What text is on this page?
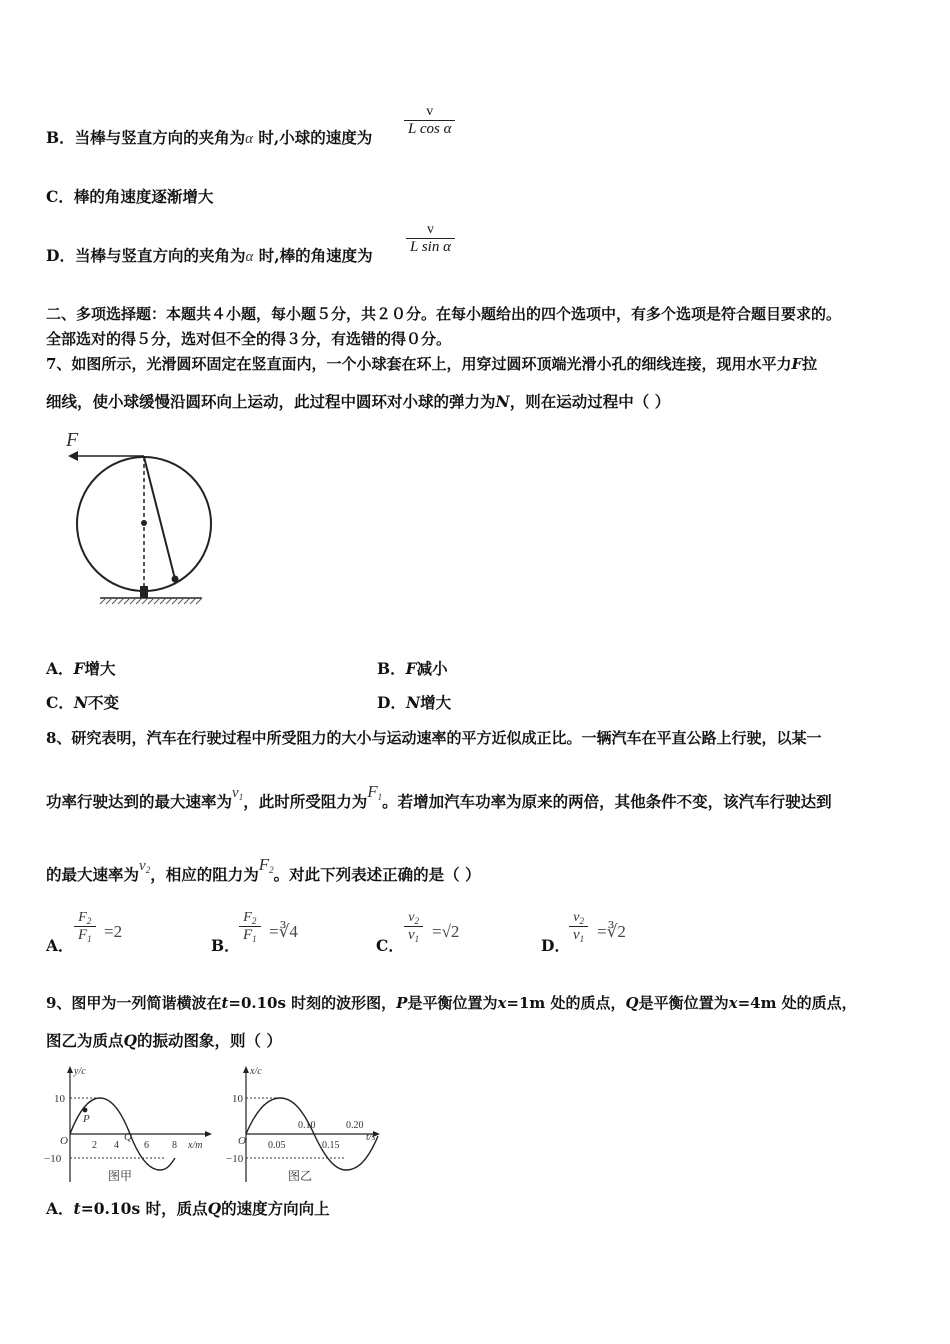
B．当棒与竖直方向的夹角为α 时,小球的速度为
v
L cos α
C．棒的角速度逐渐增大
D．当棒与竖直方向的夹角为α 时,棒的角速度为
v
L sin α
二、多项选择题：本题共４小题，每小题５分，共２０分。在每小题给出的四个选项中，有多个选项是符合题目要求的。
全部选对的得５分，选对但不全的得３分，有选错的得０分。
7、如图所示，光滑圆环固定在竖直面内，一个小球套在环上，用穿过圆环顶端光滑小孔的细线连接，现用水平力F拉
细线，使小球缓慢沿圆环向上运动，此过程中圆环对小球的弹力为N，则在运动过程中（ ）
F
A．F增大	B．F减小
C．N不变	D．N增大
8、研究表明，汽车在行驶过程中所受阻力的大小与运动速率的平方近似成正比。一辆汽车在平直公路上行驶，以某一
功率行驶达到的最大速率为$v_1$，此时所受阻力为$F_1$。若增加汽车功率为原来的两倍，其他条件不变，该汽车行驶达到
的最大速率为$v_2$，相应的阻力为$F_2$。对此下列表述正确的是（ ）
A．
$F_2$
$F_1 =2$
B．
$F_2$
$F_1$ =∛4
C．
$v_2$
$v_1 =√2$
D．
$v_2$
$v_1$ =∛2
9、图甲为一列简谐横波在t=0.10s 时刻的波形图，P是平衡位置为x=1m 处的质点，Q是平衡位置为x=4m 处的质点，
图乙为质点Q的振动图象，则（ ）
y/c
x/m
10
−10
O
P
Q
2 4	6 8
图甲
x/c
t/s
10
−10
O 0.05
0.10
0.15
0.20
图乙
A．t=0.10s 时，质点Q的速度方向向上
